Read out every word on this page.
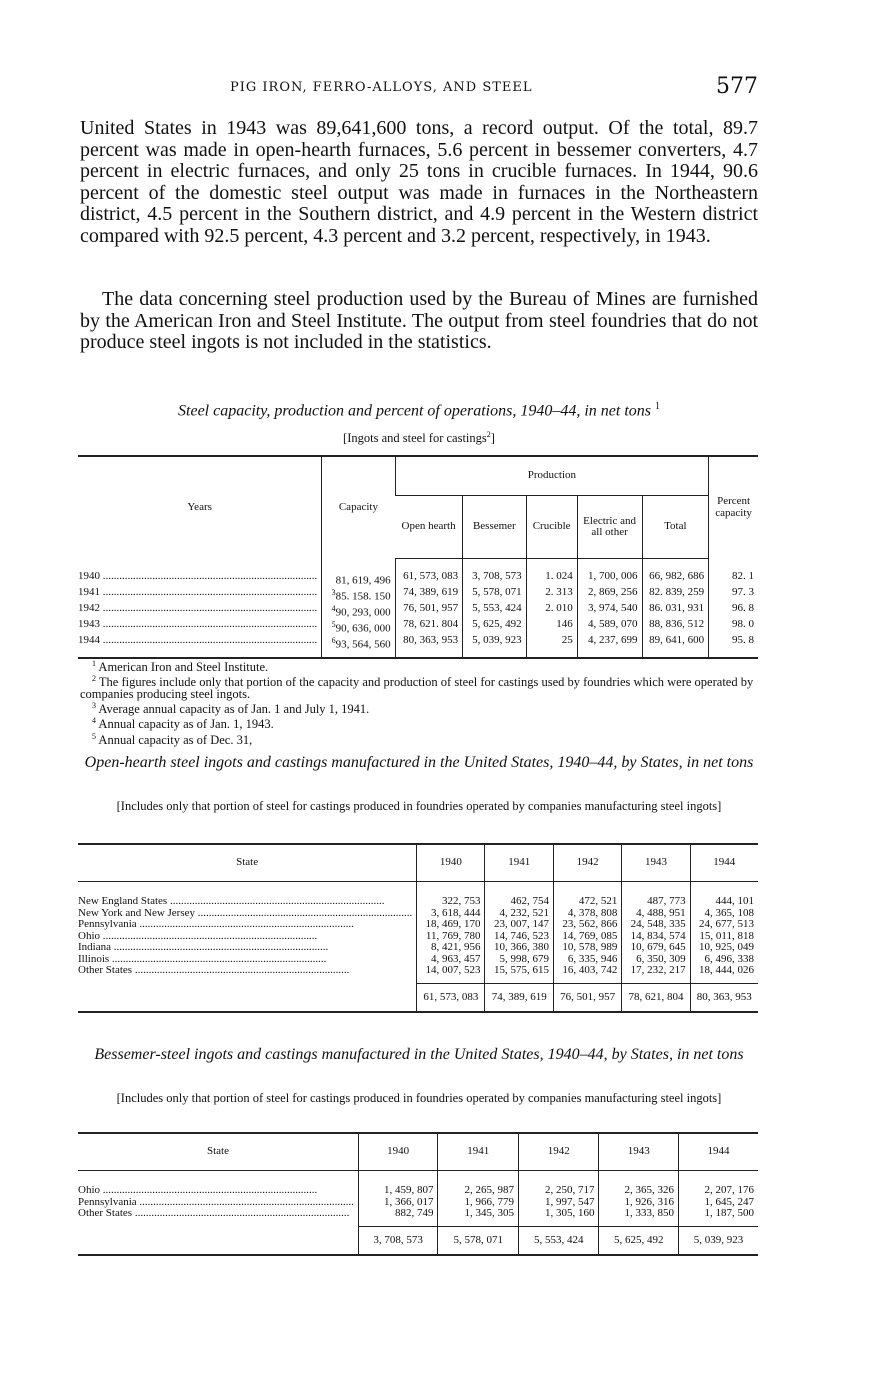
PIG IRON, FERRO-ALLOYS, AND STEEL	577

United States in 1943 was 89,641,600 tons, a record output. Of the total, 89.7 percent was made in open-hearth furnaces, 5.6 percent in bessemer converters, 4.7 percent in electric furnaces, and only 25 tons in crucible furnaces. In 1944, 90.6 percent of the domestic steel output was made in furnaces in the Northeastern district, 4.5 percent in the Southern district, and 4.9 percent in the Western district compared with 92.5 percent, 4.3 percent and 3.2 percent, respectively, in 1943.

The data concerning steel production used by the Bureau of Mines are furnished by the American Iron and Steel Institute. The output from steel foundries that do not produce steel ingots is not included in the statistics.

Steel capacity, production and percent of operations, 1940–44, in net tons $^1$
[Ingots and steel for castings$^2$]
Years	Capacity	Production					Percent capacity
		Open hearth	Bessemer	Crucible	Electric and all other	Total	

1940 .....	81, 619, 496	61, 573, 083	3, 708, 573	1. 024	1, 700, 006	66, 982, 686	82. 1

1941 .....	$^3$85. 158. 150	74, 389, 619	5, 578, 071	2. 313	2, 869, 256	82. 839, 259	97. 3

1942 .....	$^4$90, 293, 000	76, 501, 957	5, 553, 424	2. 010	3, 974, 540	86. 031, 931	96. 8

1943 .....	$^5$90, 636, 000	78, 621. 804	5, 625, 492	146	4, 589, 070	88, 836, 512	98. 0

1944 .....	$^6$93, 564, 560	80, 363, 953	5, 039, 923	25	4, 237, 699	89, 641, 600	95. 8

$^1$ American Iron and Steel Institute.

$^2$ The figures include only that portion of the capacity and production of steel for castings used by foundries which were operated by companies producing steel ingots.

$^3$ Average annual capacity as of Jan. 1 and July 1, 1941.

$^4$ Annual capacity as of Jan. 1, 1943.

$^5$ Annual capacity as of Dec. 31,

Open-hearth steel ingots and castings manufactured in the United States, 1940–44, by States, in net tons
[Includes only that portion of steel for castings produced in foundries operated by companies manufacturing steel ingots]
State	1940	1941	1942	1943	1944

New England States .....	322, 753	462, 754	472, 521	487, 773	444, 101

New York and New Jersey .....	3, 618, 444	4, 232, 521	4, 378, 808	4, 488, 951	4, 365, 108

Pennsylvania .....	18, 469, 170	23, 007, 147	23, 562, 866	24, 548, 335	24, 677, 513

Ohio .....	11, 769, 780	14, 746, 523	14, 769, 085	14, 834, 574	15, 011, 818

Indiana .....	8, 421, 956	10, 366, 380	10, 578, 989	10, 679, 645	10, 925, 049

Illinois .....	4, 963, 457	5, 998, 679	6, 335, 946	6, 350, 309	6, 496, 338

Other States .....	14, 007, 523	15, 575, 615	16, 403, 742	17, 232, 217	18, 444, 026
	61, 573, 083	74, 389, 619	76, 501, 957	78, 621, 804	80, 363, 953
Bessemer-steel ingots and castings manufactured in the United States, 1940–44, by States, in net tons
[Includes only that portion of steel for castings produced in foundries operated by companies manufacturing steel ingots]
State	1940	1941	1942	1943	1944

Ohio .....	1, 459, 807	2, 265, 987	2, 250, 717	2, 365, 326	2, 207, 176

Pennsylvania .....	1, 366, 017	1, 966, 779	1, 997, 547	1, 926, 316	1, 645, 247

Other States .....	882, 749	1, 345, 305	1, 305, 160	1, 333, 850	1, 187, 500
	3, 708, 573	5, 578, 071	5, 553, 424	5, 625, 492	5, 039, 923
